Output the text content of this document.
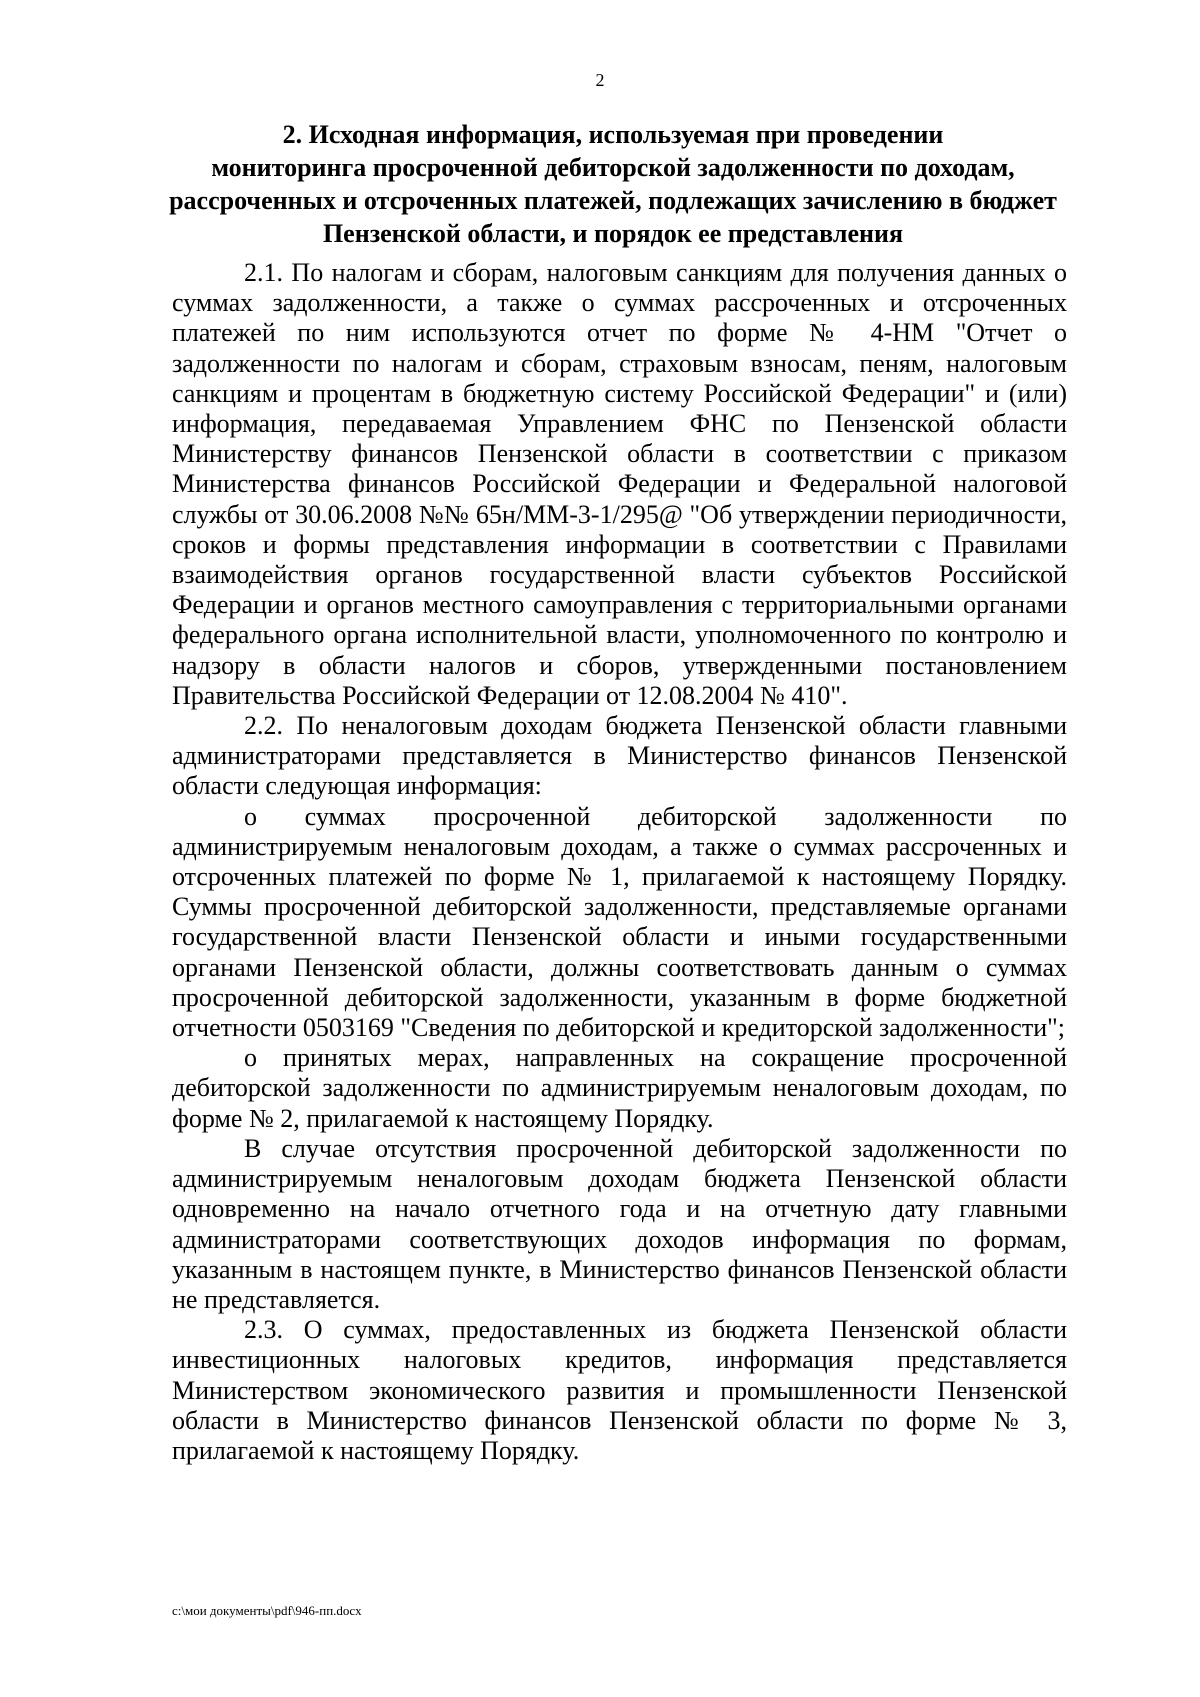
2
2. Исходная информация, используемая при проведении
мониторинга просроченной дебиторской задолженности по доходам,
рассроченных и отсроченных платежей, подлежащих зачислению в бюджет
Пензенской области, и порядок ее представления

2.1. По налогам и сборам, налоговым санкциям для получения данных о суммах задолженности, а также о суммах рассроченных и отсроченных платежей по ним используются отчет по форме № 4-НМ "Отчет о задолженности по налогам и сборам, страховым взносам, пеням, налоговым санкциям и процентам в бюджетную систему Российской Федерации" и (или) информация, передаваемая Управлением ФНС по Пензенской области Министерству финансов Пензенской области в соответствии с приказом Министерства финансов Российской Федерации и Федеральной налоговой службы от 30.06.2008 №№ 65н/ММ-3-1/295@ "Об утверждении периодичности, сроков и формы представления информации в соответствии с Правилами взаимодействия органов государственной власти субъектов Российской Федерации и органов местного самоуправления с территориальными органами федерального органа исполнительной власти, уполномоченного по контролю и надзору в области налогов и сборов, утвержденными постановлением Правительства Российской Федерации от 12.08.2004 № 410".

2.2. По неналоговым доходам бюджета Пензенской области главными администраторами представляется в Министерство финансов Пензенской области следующая информация:

о суммах просроченной дебиторской задолженности по администрируемым неналоговым доходам, а также о суммах рассроченных и отсроченных платежей по форме № 1, прилагаемой к настоящему Порядку. Суммы просроченной дебиторской задолженности, представляемые органами государственной власти Пензенской области и иными государственными органами Пензенской области, должны соответствовать данным о суммах просроченной дебиторской задолженности, указанным в форме бюджетной отчетности 0503169 "Сведения по дебиторской и кредиторской задолженности";

о принятых мерах, направленных на сокращение просроченной дебиторской задолженности по администрируемым неналоговым доходам, по форме № 2, прилагаемой к настоящему Порядку.

В случае отсутствия просроченной дебиторской задолженности по администрируемым неналоговым доходам бюджета Пензенской области одновременно на начало отчетного года и на отчетную дату главными администраторами соответствующих доходов информация по формам, указанным в настоящем пункте, в Министерство финансов Пензенской области не представляется.

2.3. О суммах, предоставленных из бюджета Пензенской области инвестиционных налоговых кредитов, информация представляется Министерством экономического развития и промышленности Пензенской области в Министерство финансов Пензенской области по форме № 3, прилагаемой к настоящему Порядку.

c:\мои документы\pdf\946-пп.docx
